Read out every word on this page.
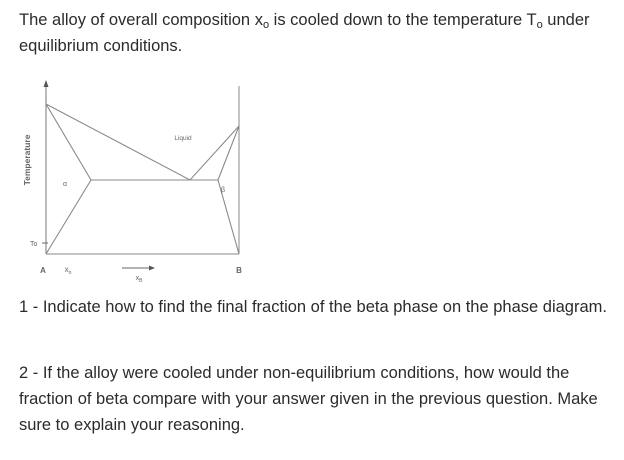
The alloy of overall composition xo is cooled down to the temperature To under equilibrium conditions.
Temperature	Liquid
α
β
To
A $x_o$
$x_B$
B
1 - Indicate how to find the final fraction of the beta phase on the phase diagram.
2 - If the alloy were cooled under non-equilibrium conditions, how would the fraction of beta compare with your answer given in the previous question. Make sure to explain your reasoning.
